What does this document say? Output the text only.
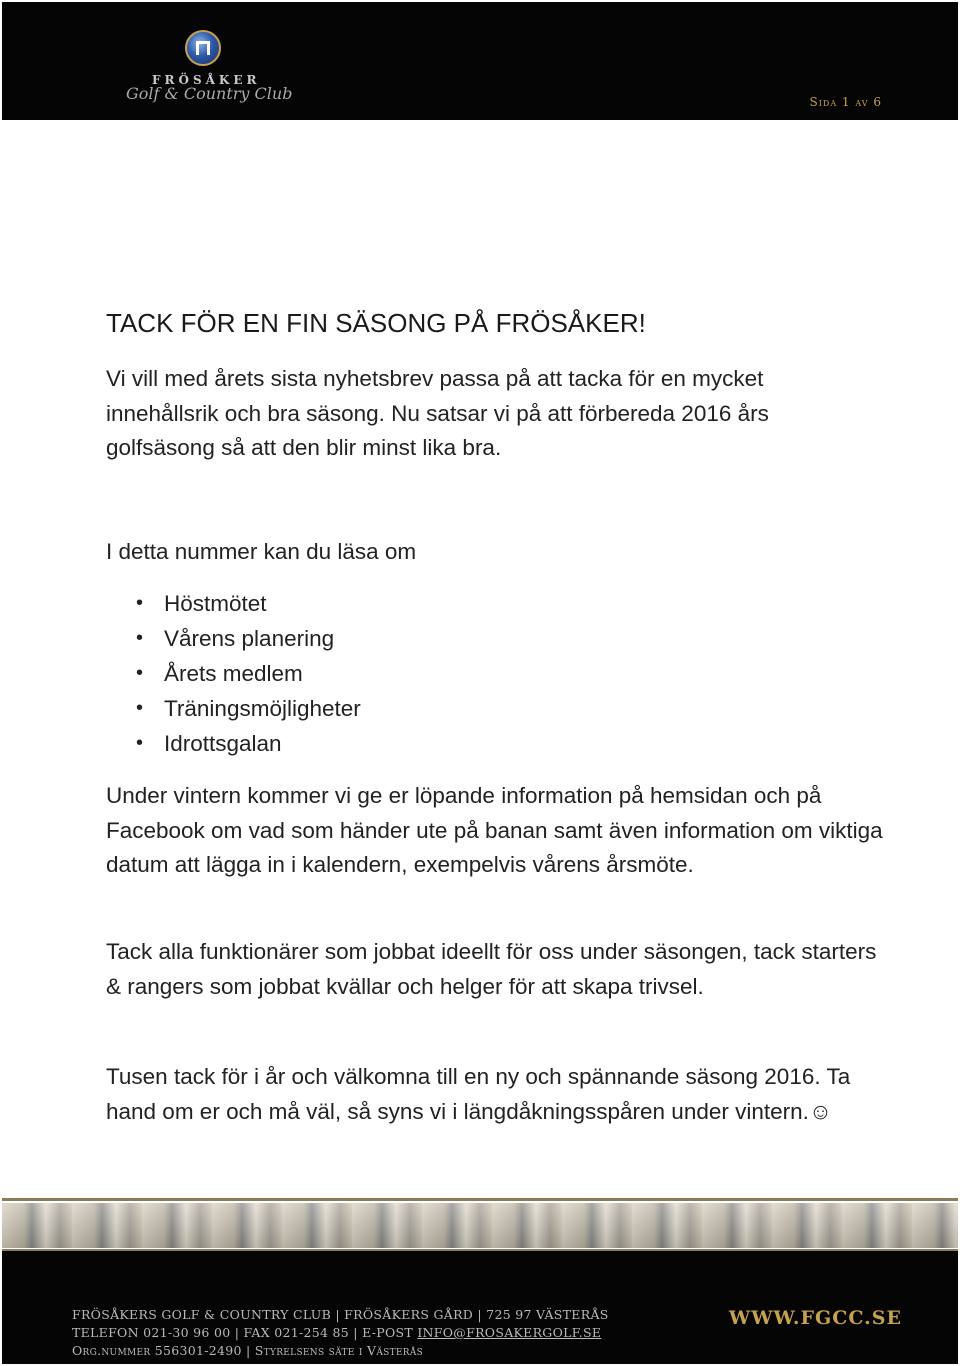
FRÖSÅKER
Golf & Country Club	Sida 1 av 6
TACK FÖR EN FIN SÄSONG PÅ FRÖSÅKER!
Vi vill med årets sista nyhetsbrev passa på att tacka för en mycket innehållsrik och bra säsong. Nu satsar vi på att förbereda 2016 års golfsäsong så att den blir minst lika bra.
I detta nummer kan du läsa om
• Höstmötet
• Vårens planering
• Årets medlem
• Träningsmöjligheter
• Idrottsgalan
Under vintern kommer vi ge er löpande information på hemsidan och på Facebook om vad som händer ute på banan samt även information om viktiga datum att lägga in i kalendern, exempelvis vårens årsmöte.
Tack alla funktionärer som jobbat ideellt för oss under säsongen, tack starters & rangers som jobbat kvällar och helger för att skapa trivsel.
Tusen tack för i år och välkomna till en ny och spännande säsong 2016. Ta hand om er och må väl, så syns vi i längdåkningsspåren under vintern.☺
FRÖSÅKERS GOLF & COUNTRY CLUB | FRÖSÅKERS GÅRD | 725 97 VÄSTERÅS
TELEFON 021-30 96 00 | FAX 021-254 85 | E-POST INFO@FROSAKERGOLF.SE
Org.nummer 556301-2490 | Styrelsens säte i Västerås
WWW.FGCC.SE
